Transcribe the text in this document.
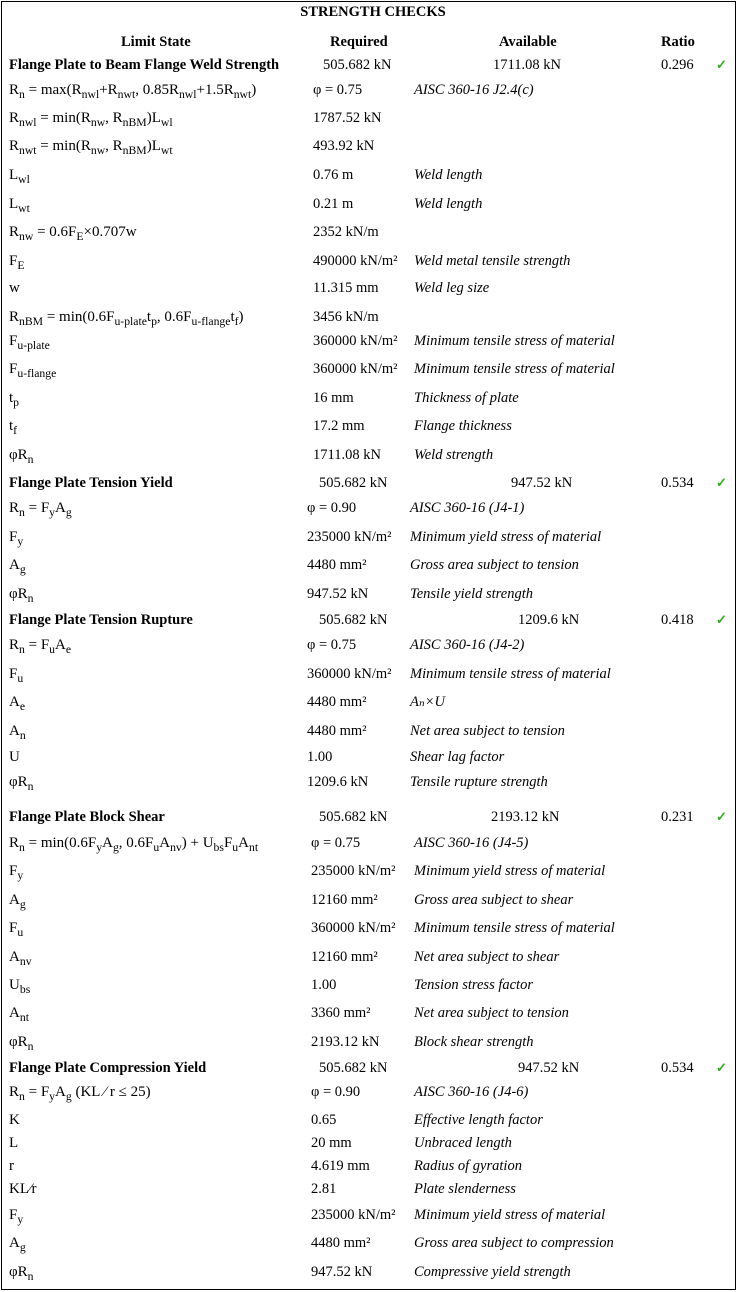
STRENGTH CHECKS
Limit State	Required	Available	Ratio
Flange Plate to Beam Flange Weld Strength	505.682 kN	1711.08 kN	0.296 ✓
$R_n = \max(R_{nwl}+R_{nwt}$, $0.85R_{nwl}+1.5R_{nwt}$)	φ = 0.75	AISC 360-16 J2.4(c)
$R_{nwl} = \min(R_{nw}$, $R_{nBM})L_{wl}$	1787.52 kN
$R_{nwt} = \min(R_{nw}$, $R_{nBM})L_{wt}$	493.92 kN
$L_{wl}$	0.76 m	Weld length
$L_{wt}$	0.21 m	Weld length
$R_{nw} = 0.6F_E\times 0.707w$	2352 kN/m
$F_E$	490000 kN/m² Weld metal tensile strength
w	11.315 mm Weld leg size
$R_{nBM} = \min(0.6F_{u-plate}t_p$, $0.6F_{u-flange}t_f$)	3456 kN/m
$F_{u-plate}$	360000 kN/m² Minimum tensile stress of material
$F_{u-flange}$	360000 kN/m² Minimum tensile stress of material
$t_p$	16 mm	Thickness of plate
$t_f$	17.2 mm	Flange thickness
$\varphi R_n$	1711.08 kN Weld strength
Flange Plate Tension Yield	505.682 kN	947.52 kN	0.534 ✓
$R_n = F_yA_g$	φ = 0.90	AISC 360-16 (J4-1)
$F_y$	235000 kN/m² Minimum yield stress of material
$A_g$	4480 mm²	Gross area subject to tension
$\varphi R_n$	947.52 kN	Tensile yield strength
Flange Plate Tension Rupture	505.682 kN	1209.6 kN	0.418 ✓
$R_n = F_uA_e$	φ = 0.75	AISC 360-16 (J4-2)
$F_u$	360000 kN/m² Minimum tensile stress of material
$A_e$	4480 mm²	Aₙ×U
$A_n$	4480 mm²	Net area subject to tension
U	1.00	Shear lag factor
$\varphi R_n$	1209.6 kN	Tensile rupture strength
Flange Plate Block Shear	505.682 kN	2193.12 kN	0.231 ✓
$R_n = \min(0.6F_yA_g$, $0.6F_uA_{nv}) + U_{bs}F_uA_{nt}$	φ = 0.75	AISC 360-16 (J4-5)
$F_y$	235000 kN/m² Minimum yield stress of material
$A_g$	12160 mm² Gross area subject to shear
$F_u$	360000 kN/m² Minimum tensile stress of material
$A_{nv}$	12160 mm² Net area subject to shear
$U_{bs}$	1.00	Tension stress factor
$A_{nt}$	3360 mm²	Net area subject to tension
$\varphi R_n$	2193.12 kN Block shear strength
Flange Plate Compression Yield	505.682 kN	947.52 kN	0.534 ✓
$R_n = F_yA_g$ (KL ⁄ r ≤ 25)	φ = 0.90	AISC 360-16 (J4-6)
K	0.65	Effective length factor
L	20 mm	Unbraced length
r	4.619 mm	Radius of gyration
KL⁄r	2.81	Plate slenderness
$F_y$	235000 kN/m² Minimum yield stress of material
$A_g$	4480 mm²	Gross area subject to compression
$\varphi R_n$	947.52 kN	Compressive yield strength
